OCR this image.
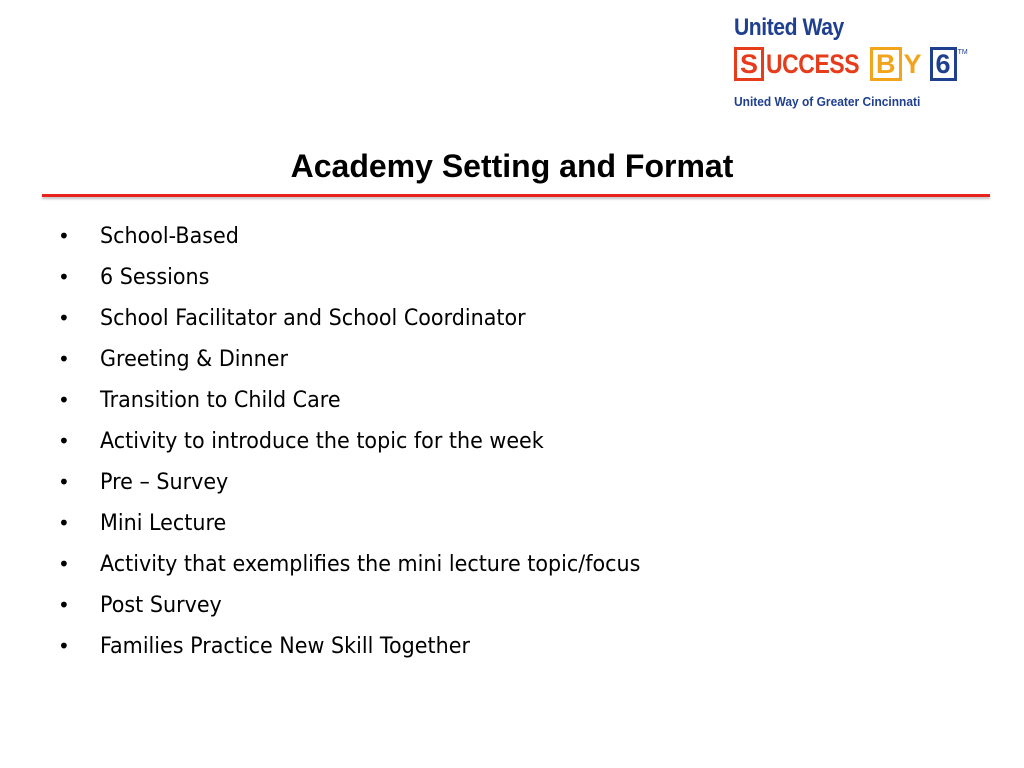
United Way
S UCCESS B Y 6	TM
United Way of Greater Cincinnati
Academy Setting and Format
• School-Based
• 6 Sessions
• School Facilitator and School Coordinator
• Greeting & Dinner
• Transition to Child Care
• Activity to introduce the topic for the week
• Pre – Survey
• Mini Lecture
• Activity that exemplifies the mini lecture topic/focus
• Post Survey
• Families Practice New Skill Together
